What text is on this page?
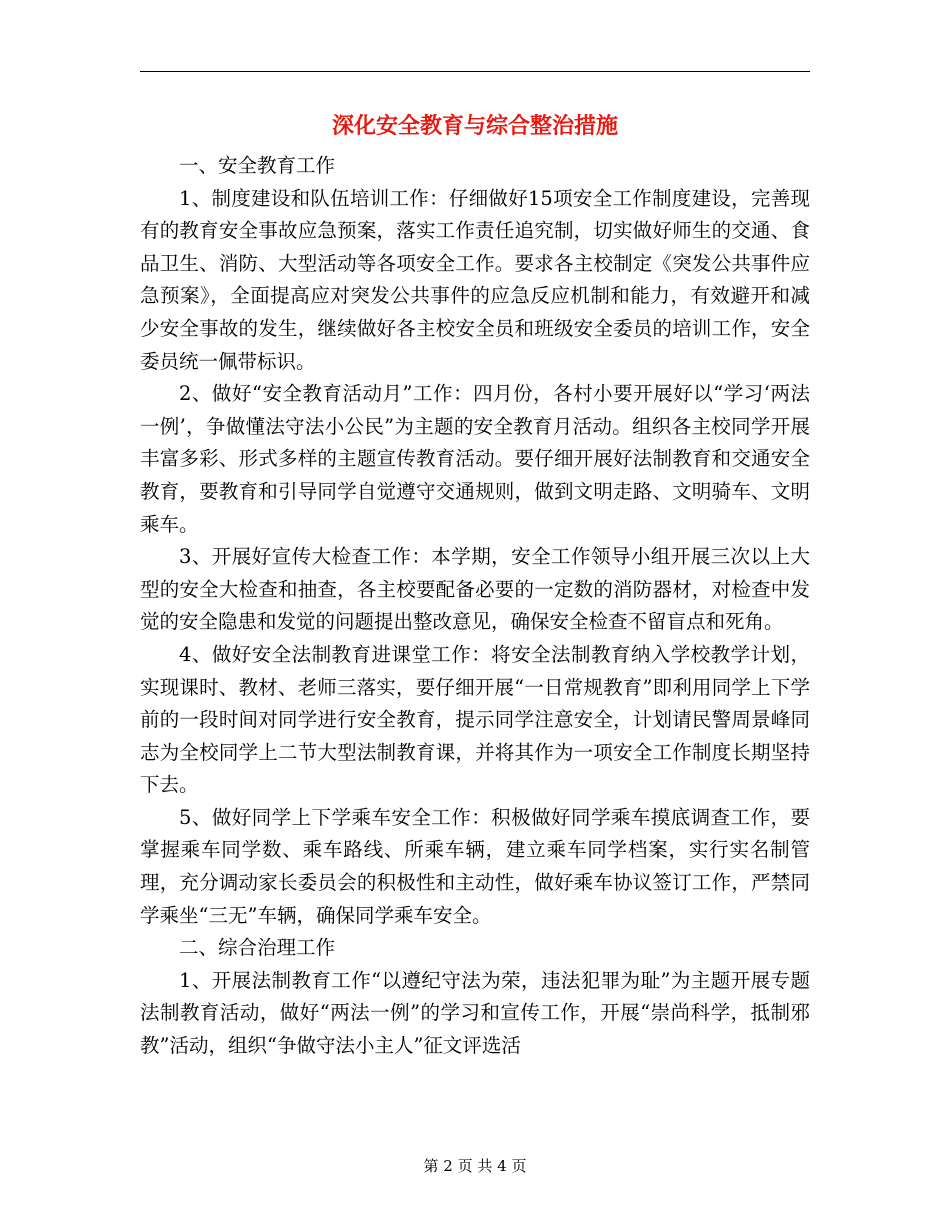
深化安全教育与综合整治措施

一、安全教育工作

1、制度建设和队伍培训工作：仔细做好15项安全工作制度建设，完善现有的教育安全事故应急预案，落实工作责任追究制，切实做好师生的交通、食品卫生、消防、大型活动等各项安全工作。要求各主校制定《突发公共事件应急预案》，全面提高应对突发公共事件的应急反应机制和能力，有效避开和减少安全事故的发生，继续做好各主校安全员和班级安全委员的培训工作，安全委员统一佩带标识。

2、做好“安全教育活动月”工作：四月份，各村小要开展好以“学习‘两法一例’，争做懂法守法小公民”为主题的安全教育月活动。组织各主校同学开展丰富多彩、形式多样的主题宣传教育活动。要仔细开展好法制教育和交通安全教育，要教育和引导同学自觉遵守交通规则，做到文明走路、文明骑车、文明乘车。

3、开展好宣传大检查工作：本学期，安全工作领导小组开展三次以上大型的安全大检查和抽查，各主校要配备必要的一定数的消防器材，对检查中发觉的安全隐患和发觉的问题提出整改意见，确保安全检查不留盲点和死角。

4、做好安全法制教育进课堂工作：将安全法制教育纳入学校教学计划，实现课时、教材、老师三落实，要仔细开展“一日常规教育”即利用同学上下学前的一段时间对同学进行安全教育，提示同学注意安全，计划请民警周景峰同志为全校同学上二节大型法制教育课，并将其作为一项安全工作制度长期坚持下去。

5、做好同学上下学乘车安全工作：积极做好同学乘车摸底调查工作，要掌握乘车同学数、乘车路线、所乘车辆，建立乘车同学档案，实行实名制管理，充分调动家长委员会的积极性和主动性，做好乘车协议签订工作，严禁同学乘坐“三无”车辆，确保同学乘车安全。

二、综合治理工作

1、开展法制教育工作“以遵纪守法为荣，违法犯罪为耻”为主题开展专题法制教育活动，做好“两法一例”的学习和宣传工作，开展“崇尚科学，抵制邪教”活动，组织“争做守法小主人”征文评选活

第 2 页 共 4 页
